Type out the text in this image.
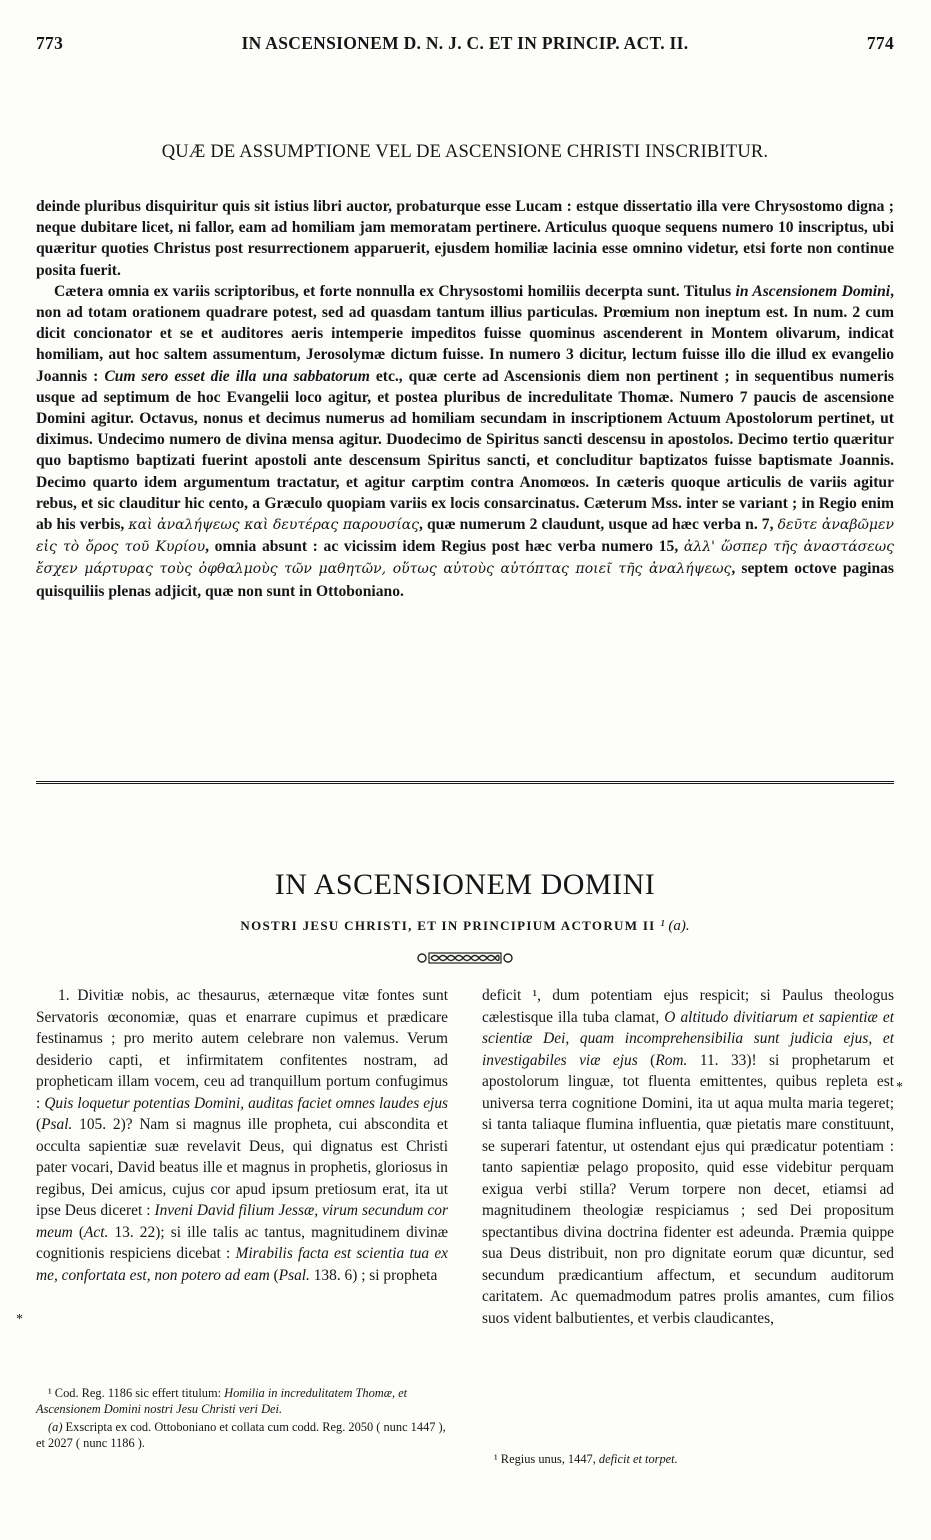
773	IN ASCENSIONEM D. N. J. C. ET IN PRINCIP. ACT. II.	774
QUÆ DE ASSUMPTIONE VEL DE ASCENSIONE CHRISTI INSCRIBITUR.

deinde pluribus disquiritur quis sit istius libri auctor, probaturque esse Lucam : estque dissertatio illa vere Chrysostomo digna ; neque dubitare licet, ni fallor, eam ad homiliam jam memoratam pertinere. Articulus quoque sequens numero 10 inscriptus, ubi quæritur quoties Christus post resurrectionem apparuerit, ejusdem homiliæ lacinia esse omnino videtur, etsi forte non continue posita fuerit.

Cætera omnia ex variis scriptoribus, et forte nonnulla ex Chrysostomi homiliis decerpta sunt. Titulus in Ascensionem Domini, non ad totam orationem quadrare potest, sed ad quasdam tantum illius particulas. Prœmium non ineptum est. In num. 2 cum dicit concionator et se et auditores aeris intemperie impeditos fuisse quominus ascenderent in Montem olivarum, indicat homiliam, aut hoc saltem assumentum, Jerosolymæ dictum fuisse. In numero 3 dicitur, lectum fuisse illo die illud ex evangelio Joannis : Cum sero esset die illa una sabbatorum etc., quæ certe ad Ascensionis diem non pertinent ; in sequentibus numeris usque ad septimum de hoc Evangelii loco agitur, et postea pluribus de incredulitate Thomæ. Numero 7 paucis de ascensione Domini agitur. Octavus, nonus et decimus numerus ad homiliam secundam in inscriptionem Actuum Apostolorum pertinet, ut diximus. Undecimo numero de divina mensa agitur. Duodecimo de Spiritus sancti descensu in apostolos. Decimo tertio quæritur quo baptismo baptizati fuerint apostoli ante descensum Spiritus sancti, et concluditur baptizatos fuisse baptismate Joannis. Decimo quarto idem argumentum tractatur, et agitur carptim contra Anomœos. In cæteris quoque articulis de variis agitur rebus, et sic clauditur hic cento, a Græculo quopiam variis ex locis consarcinatus. Cæterum Mss. inter se variant ; in Regio enim ab his verbis, καὶ ἀναλήψεως καὶ δευτέρας παρουσίας, quæ numerum 2 claudunt, usque ad hæc verba n. 7, δεῦτε ἀναβῶμεν εἰς τὸ ὄρος τοῦ Κυρίου, omnia absunt : ac vicissim idem Regius post hæc verba numero 15, ἀλλ' ὥσπερ τῆς ἀναστάσεως ἔσχεν μάρτυρας τοὺς ὀφθαλμοὺς τῶν μαθητῶν, οὕτως αὐτοὺς αὐτόπτας ποιεῖ τῆς ἀναλήψεως, septem octove paginas quisquiliis plenas adjicit, quæ non sunt in Ottoboniano.

IN ASCENSIONEM DOMINI
NOSTRI JESU CHRISTI, ET IN PRINCIPIUM ACTORUM II ¹ (a).

1. Divitiæ nobis, ac thesaurus, æternæque vitæ fontes sunt Servatoris œconomiæ, quas et enarrare cupimus et prædicare festinamus ; pro merito autem celebrare non valemus. Verum desiderio capti, et infirmitatem confitentes nostram, ad propheticam illam vocem, ceu ad tranquillum portum confugimus : Quis loquetur potentias Domini, auditas faciet omnes laudes ejus (Psal. 105. 2)? Nam si magnus ille propheta, cui abscondita et occulta sapientiæ suæ revelavit Deus, qui dignatus est Christi pater vocari, David beatus ille et magnus in prophetis, gloriosus in regibus, Dei amicus, cujus cor apud ipsum pretiosum erat, ita ut ipse Deus diceret : Inveni David filium Jessæ, virum secundum cor meum (Act. 13. 22); si ille talis ac tantus, magnitudinem divinæ cognitionis respiciens dicebat : Mirabilis facta est scientia tua ex me, confortata est, non potero ad eam (Psal. 138. 6) ; si propheta

deficit ¹, dum potentiam ejus respicit; si Paulus theologus cælestisque illa tuba clamat, O altitudo divitiarum et sapientiæ et scientiæ Dei, quam incomprehensibilia sunt judicia ejus, et investigabiles viæ ejus (Rom. 11. 33)! si prophetarum et apostolorum linguæ, tot fluenta emittentes, quibus repleta est universa terra cognitione Domini, ita ut aqua multa maria tegeret; si tanta taliaque flumina influentia, quæ pietatis mare constituunt, se superari fatentur, ut ostendant ejus qui prædicatur potentiam : tanto sapientiæ pelago proposito, quid esse videbitur perquam exigua verbi stilla? Verum torpere non decet, etiamsi ad magnitudinem theologiæ respiciamus ; sed Dei propositum spectantibus divina doctrina fidenter est adeunda. Præmia quippe sua Deus distribuit, non pro dignitate eorum quæ dicuntur, sed secundum prædicantium affectum, et secundum auditorum caritatem. Ac quemadmodum patres prolis amantes, cum filios suos vident balbutientes, et verbis claudicantes,

*
*

¹ Cod. Reg. 1186 sic effert titulum: Homilia in incredulitatem Thomæ, et Ascensionem Domini nostri Jesu Christi veri Dei.

(a) Exscripta ex cod. Ottoboniano et collata cum codd. Reg. 2050 ( nunc 1447 ), et 2027 ( nunc 1186 ).

¹ Regius unus, 1447, deficit et torpet.
